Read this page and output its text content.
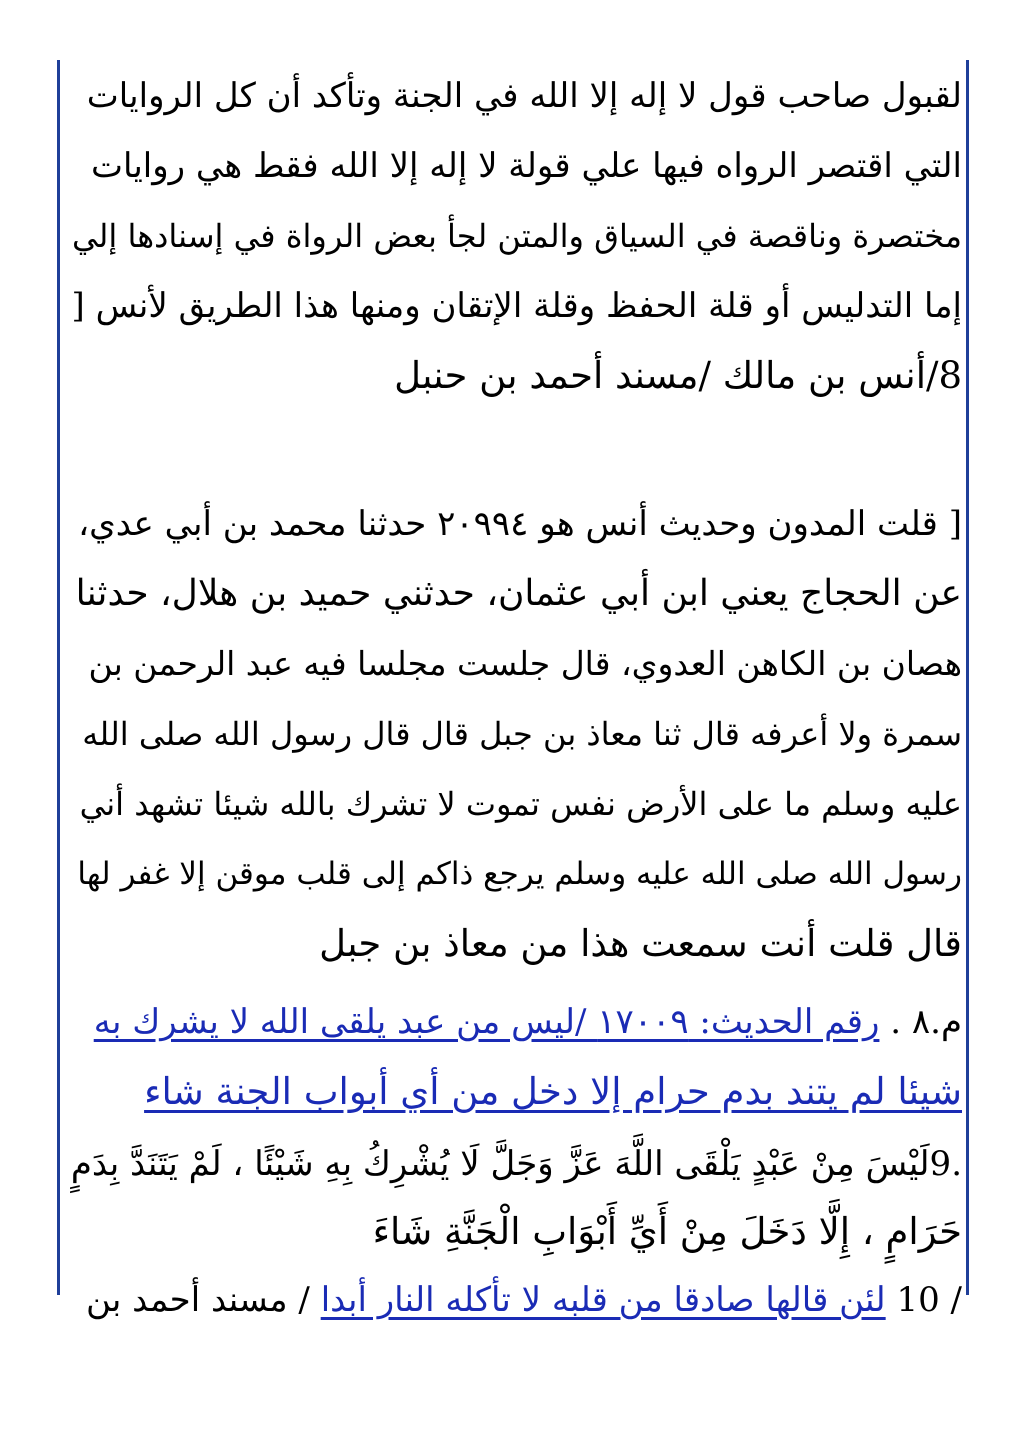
لقبول صاحب قول لا إله إلا الله في الجنة وتأكد أن كل الروايات
التي اقتصر الرواه فيها علي قولة لا إله إلا الله فقط هي روايات
مختصرة وناقصة في السياق والمتن لجأ بعض الرواة في إسنادها إلي
إما التدليس أو قلة الحفظ وقلة الإتقان ومنها هذا الطريق لأنس [
8/أنس بن مالك /مسند أحمد بن حنبل
[ قلت المدون وحديث أنس هو ٢٠٩٩٤ حدثنا محمد بن أبي عدي،
عن الحجاج يعني ابن أبي عثمان، حدثني حميد بن هلال، حدثنا
هصان بن الكاهن العدوي، قال جلست مجلسا فيه عبد الرحمن بن
سمرة ولا أعرفه قال ثنا معاذ بن جبل قال قال رسول الله صلى الله
عليه وسلم ما على الأرض نفس تموت لا تشرك بالله شيئا تشهد أني
رسول الله صلى الله عليه وسلم يرجع ذاكم إلى قلب موقن إلا غفر لها
قال قلت أنت سمعت هذا من معاذ بن جبل
م.٨ . رقم الحديث: ١٧٠٠٩ /ليس من عبد يلقى الله لا يشرك به
شيئا لم يتند بدم حرام إلا دخل من أي أبواب الجنة شاء
.9لَيْسَ مِنْ عَبْدٍ يَلْقَى اللَّهَ عَزَّ وَجَلَّ لَا يُشْرِكُ بِهِ شَيْئًا ، لَمْ يَتَنَدَّ بِدَمٍ
حَرَامٍ ، إِلَّا دَخَلَ مِنْ أَيِّ أَبْوَابِ الْجَنَّةِ شَاءَ
/ 10 لئن قالها صادقا من قلبه لا تأكله النار أبدا / مسند أحمد بن
